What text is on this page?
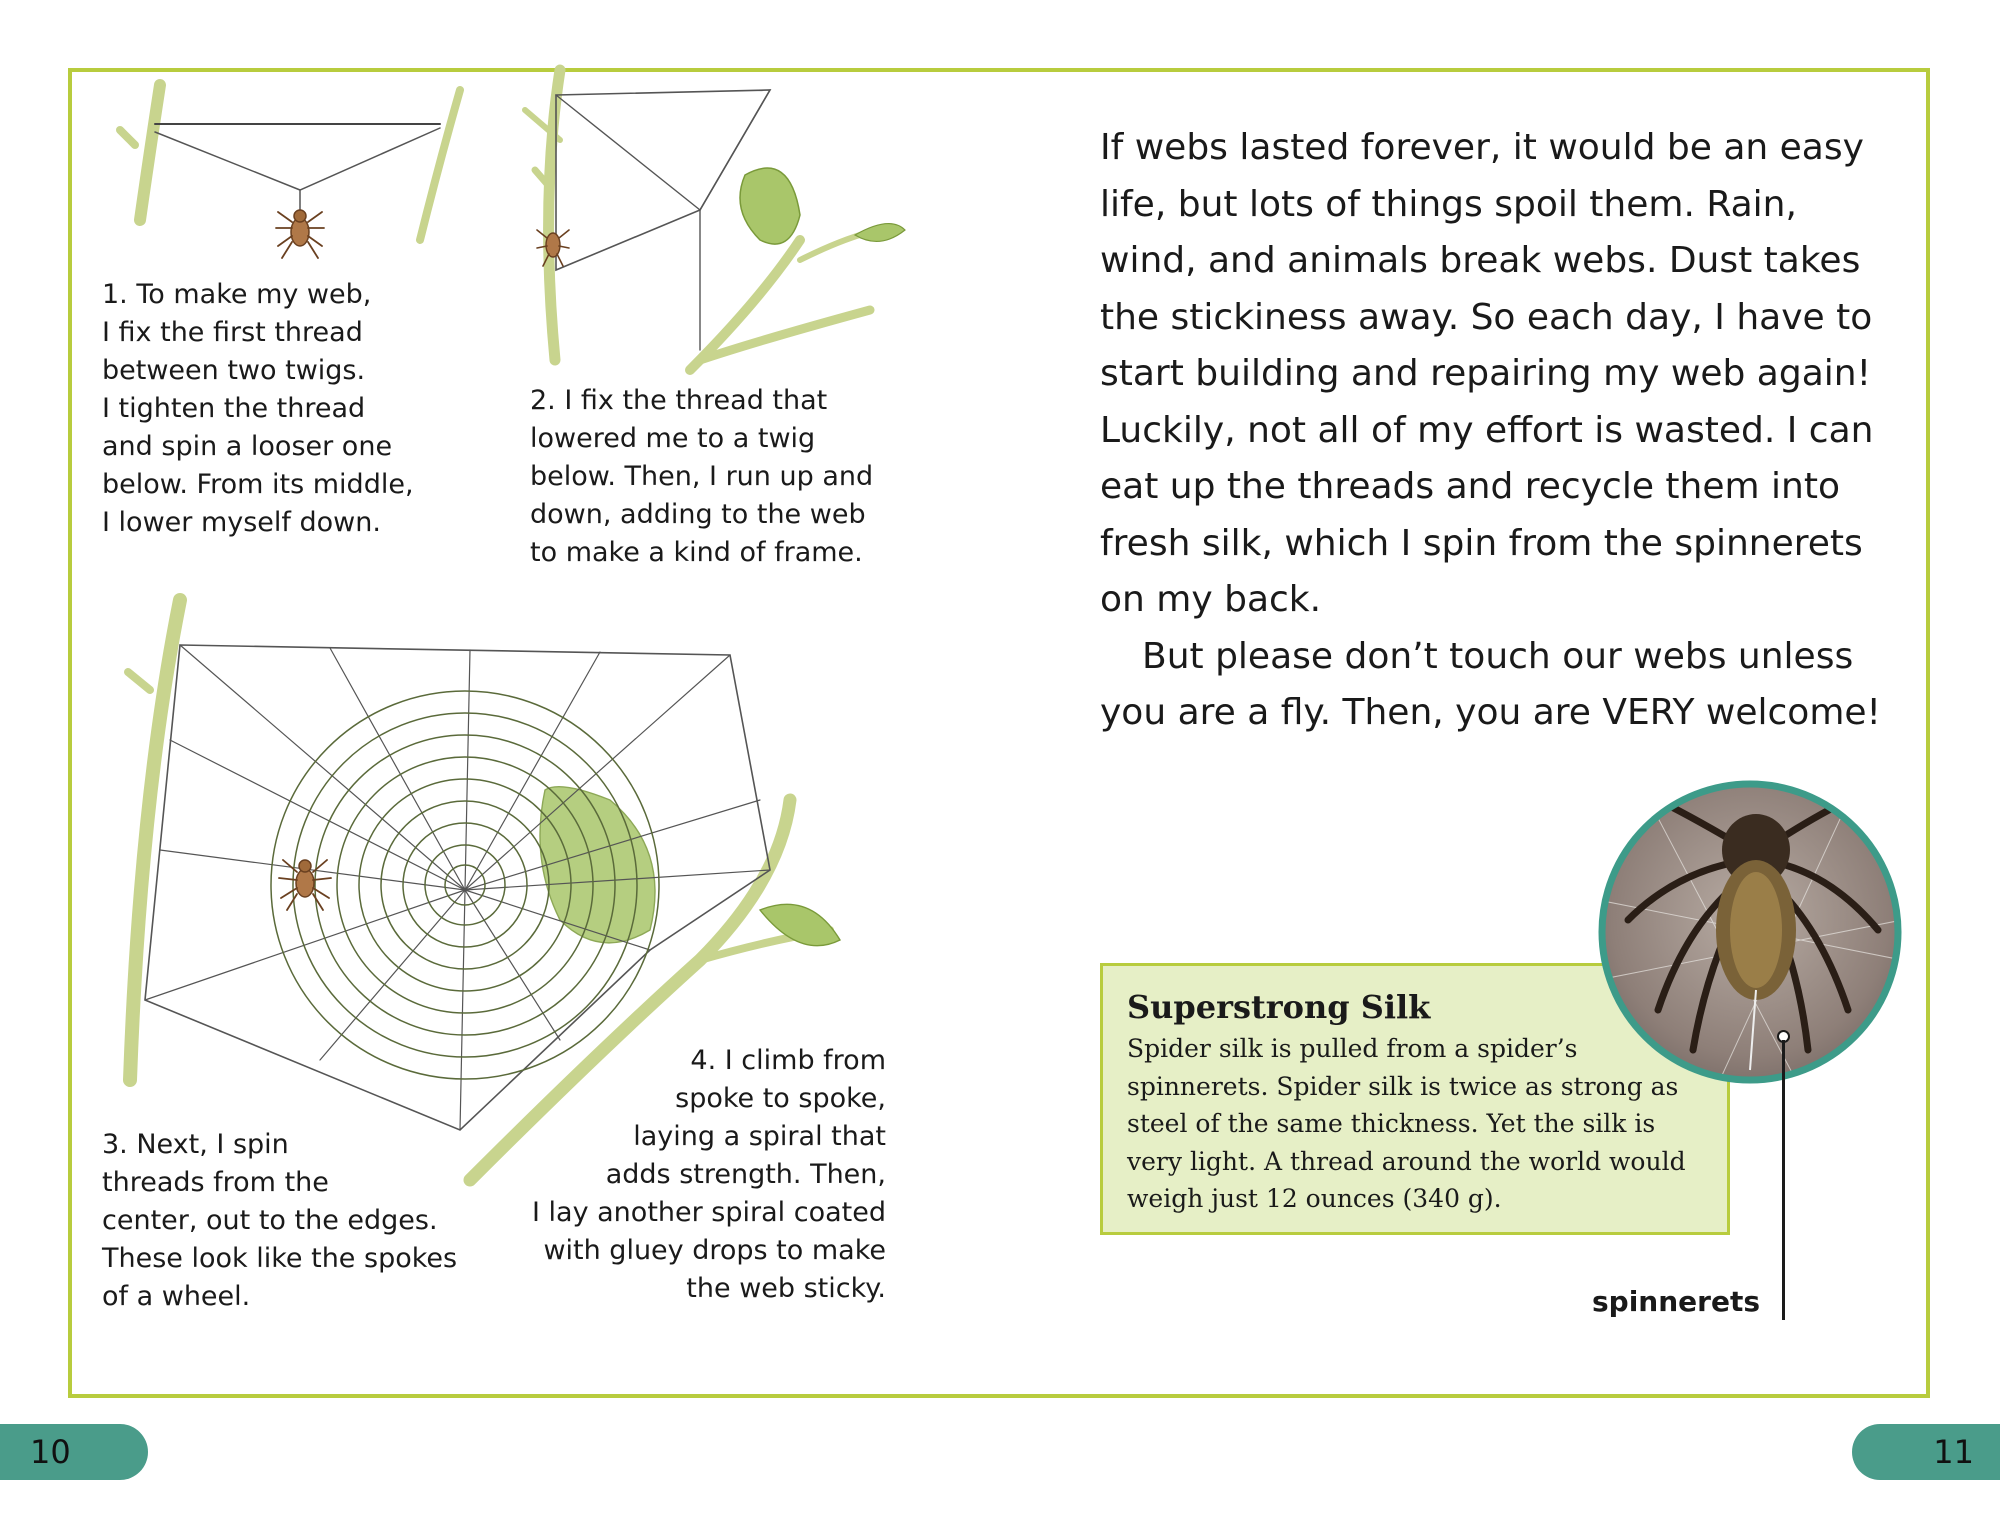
1. To make my web,
I fix the first thread
between two twigs.
I tighten the thread
and spin a looser one
below. From its middle,
I lower myself down.
2. I fix the thread that
lowered me to a twig
below. Then, I run up and
down, adding to the web
to make a kind of frame.
3. Next, I spin
threads from the
center, out to the edges.
These look like the spokes
of a wheel.
4. I climb from
spoke to spoke,
laying a spiral that
adds strength. Then,
I lay another spiral coated
with gluey drops to make
the web sticky.

If webs lasted forever, it would be an easy life, but lots of things spoil them. Rain, wind, and animals break webs. Dust takes the stickiness away. So each day, I have to start building and repairing my web again! Luckily, not all of my effort is wasted. I can eat up the threads and recycle them into fresh silk, which I spin from the spinnerets on my back.

But please don’t touch our webs unless you are a fly. Then, you are VERY welcome!

Superstrong Silk

Spider silk is pulled from a spider’s spinnerets. Spider silk is twice as strong as steel of the same thickness. Yet the silk is very light. A thread around the world would weigh just 12 ounces (340 g).

spinnerets
10	11
